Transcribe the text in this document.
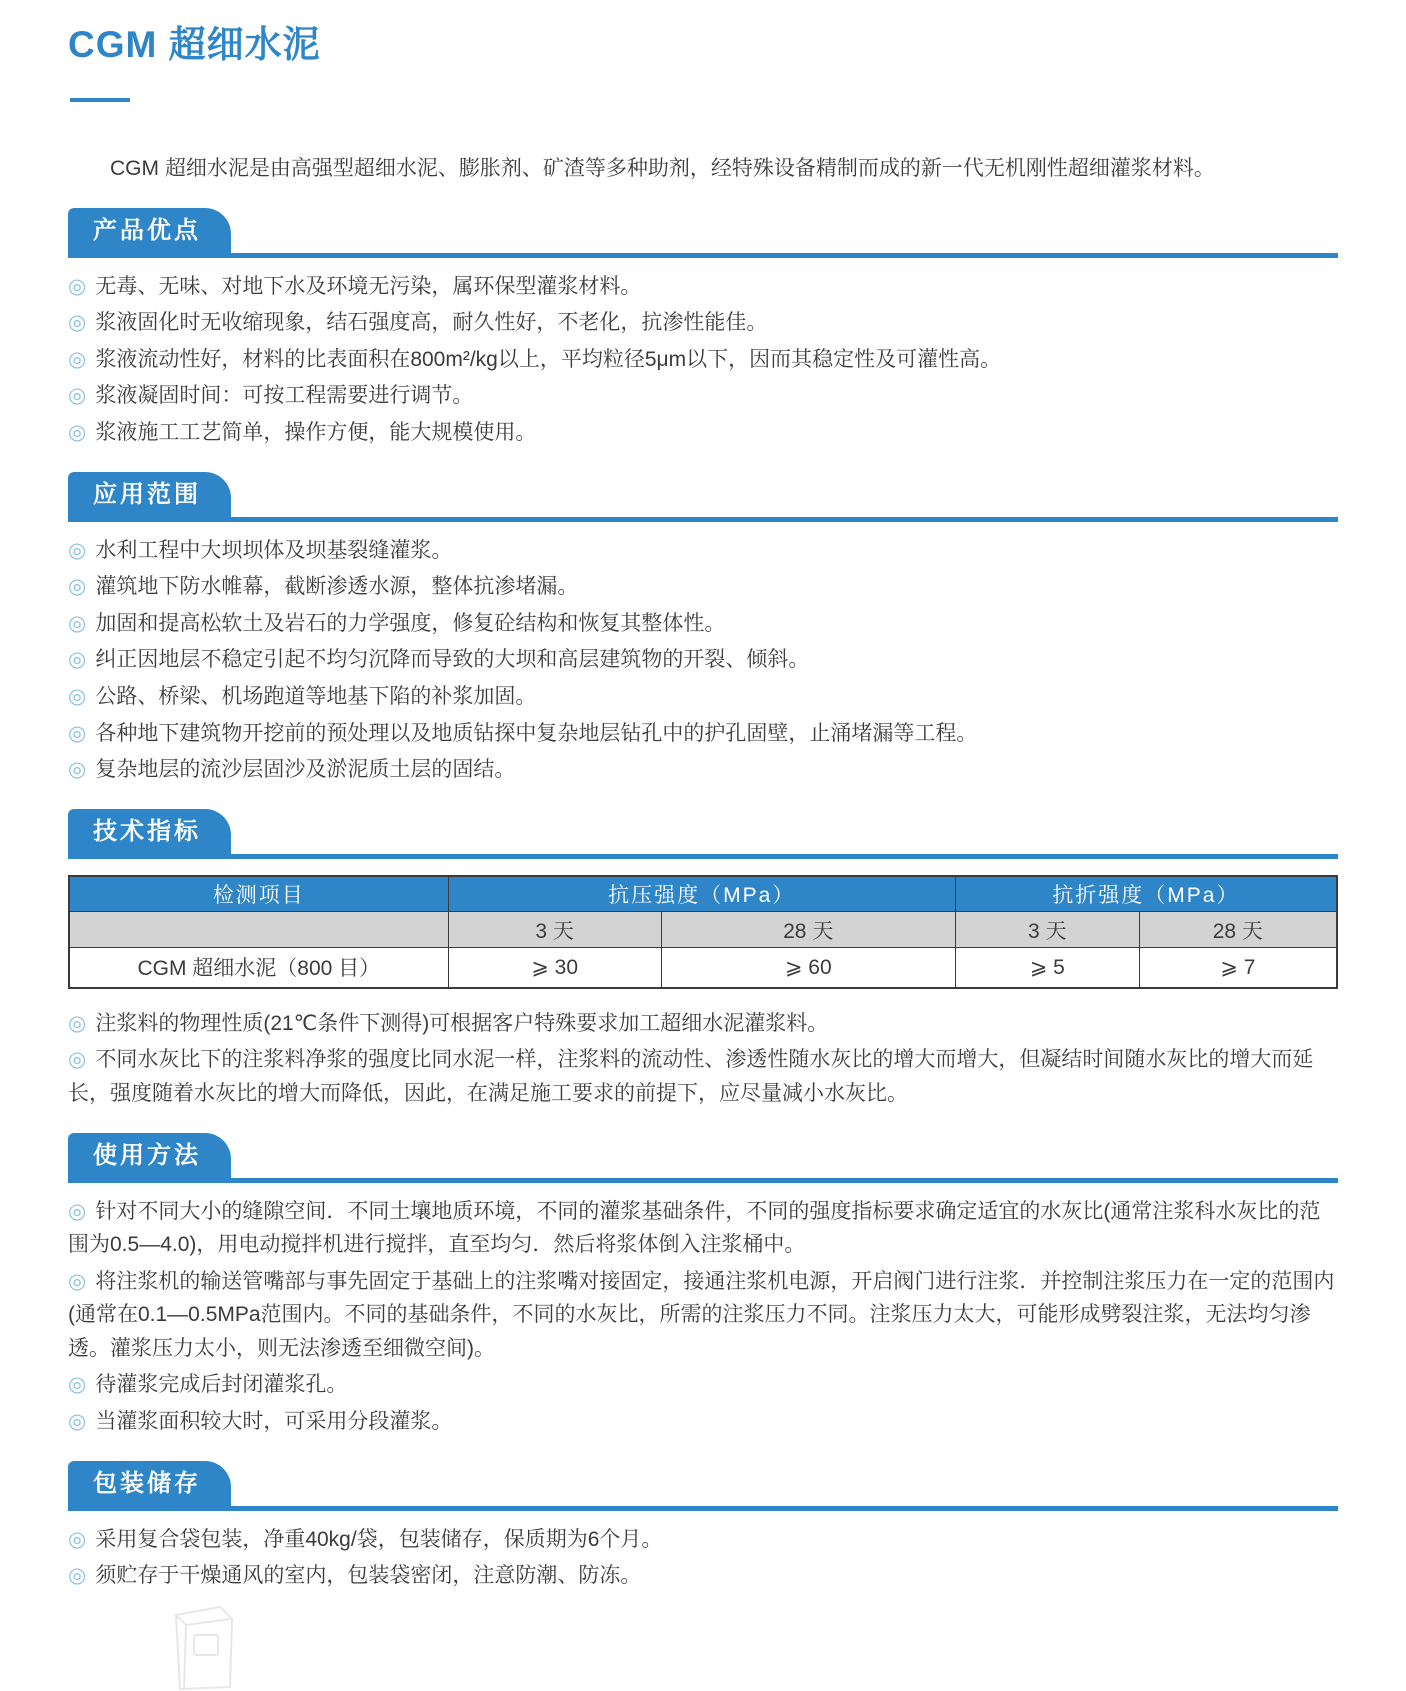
CGM 超细水泥

CGM 超细水泥是由高强型超细水泥、膨胀剂、矿渣等多种助剂，经特殊设备精制而成的新一代无机刚性超细灌浆材料。

产品优点

◎ 无毒、无味、对地下水及环境无污染，属环保型灌浆材料。

◎ 浆液固化时无收缩现象，结石强度高，耐久性好，不老化，抗渗性能佳。

◎ 浆液流动性好，材料的比表面积在800m²/kg以上，平均粒径5μm以下，因而其稳定性及可灌性高。

◎ 浆液凝固时间：可按工程需要进行调节。

◎ 浆液施工工艺简单，操作方便，能大规模使用。

应用范围

◎ 水利工程中大坝坝体及坝基裂缝灌浆。

◎ 灌筑地下防水帷幕，截断渗透水源，整体抗渗堵漏。

◎ 加固和提高松软土及岩石的力学强度，修复砼结构和恢复其整体性。

◎ 纠正因地层不稳定引起不均匀沉降而导致的大坝和高层建筑物的开裂、倾斜。

◎ 公路、桥梁、机场跑道等地基下陷的补浆加固。

◎ 各种地下建筑物开挖前的预处理以及地质钻探中复杂地层钻孔中的护孔固壁，止涌堵漏等工程。

◎ 复杂地层的流沙层固沙及淤泥质土层的固结。

技术指标
检测项目	抗压强度（MPa）		抗折强度（MPa）	
	3 天	28 天	3 天	28 天
CGM 超细水泥（800 目）	⩾ 30	⩾ 60	⩾ 5	⩾ 7

◎ 注浆料的物理性质(21℃条件下测得)可根据客户特殊要求加工超细水泥灌浆料。

◎ 不同水灰比下的注浆料净浆的强度比同水泥一样，注浆料的流动性、渗透性随水灰比的增大而增大，但凝结时间随水灰比的增大而延长，强度随着水灰比的增大而降低，因此，在满足施工要求的前提下，应尽量减小水灰比。

使用方法

◎ 针对不同大小的缝隙空间．不同土壤地质环境，不同的灌浆基础条件，不同的强度指标要求确定适宜的水灰比(通常注浆科水灰比的范围为0.5—4.0)，用电动搅拌机进行搅拌，直至均匀．然后将浆体倒入注浆桶中。

◎ 将注浆机的输送管嘴部与事先固定于基础上的注浆嘴对接固定，接通注浆机电源，开启阀门进行注浆．并控制注浆压力在一定的范围内(通常在0.1—0.5MPa范围内。不同的基础条件，不同的水灰比，所需的注浆压力不同。注浆压力太大，可能形成劈裂注浆，无法均匀渗透。灌浆压力太小，则无法渗透至细微空间)。

◎ 待灌浆完成后封闭灌浆孔。

◎ 当灌浆面积较大时，可采用分段灌浆。

包装储存

◎ 采用复合袋包装，净重40kg/袋，包装储存，保质期为6个月。

◎ 须贮存于干燥通风的室内，包装袋密闭，注意防潮、防冻。
